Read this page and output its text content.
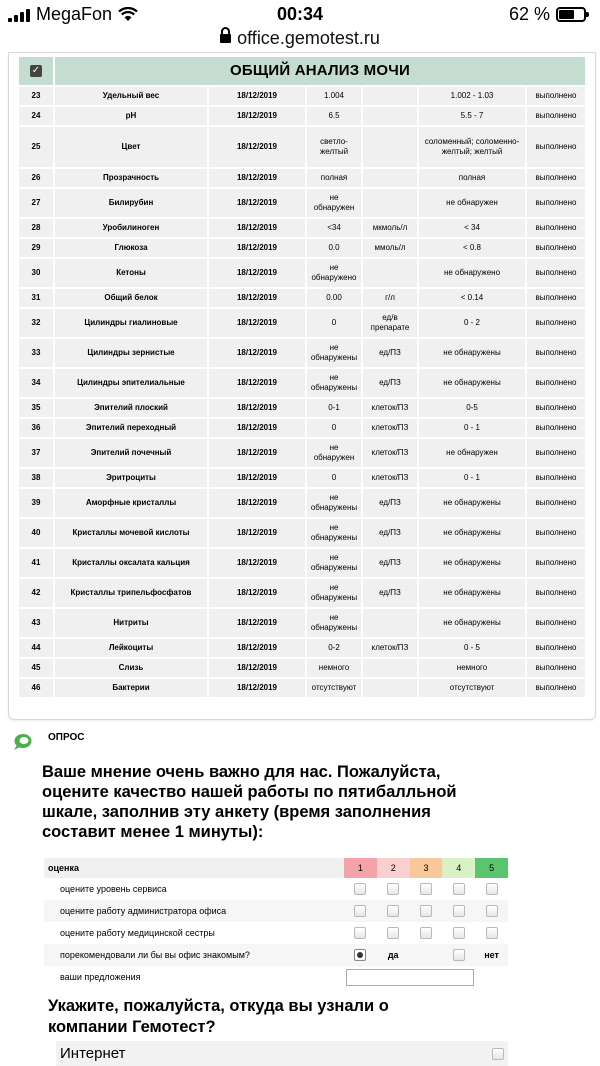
MegaFon	00:34	62 %
office.gemotest.ru
✓	ОБЩИЙ АНАЛИЗ МОЧИ					
23	Удельный вес	18/12/2019	1.004		1.002 - 1.03	выполнено
24	pH	18/12/2019	6.5		5.5 - 7	выполнено
25	Цвет	18/12/2019	светло-желтый		соломенный; соломенно-желтый; желтый	выполнено
26	Прозрачность	18/12/2019	полная		полная	выполнено
27	Билирубин	18/12/2019	не обнаружен		не обнаружен	выполнено
28	Уробилиноген	18/12/2019	<34	мкмоль/л	< 34	выполнено
29	Глюкоза	18/12/2019	0.0	ммоль/л	< 0.8	выполнено
30	Кетоны	18/12/2019	не обнаружено		не обнаружено	выполнено
31	Общий белок	18/12/2019	0.00	г/л	< 0.14	выполнено
32	Цилиндры гиалиновые	18/12/2019	0	ед/в препарате	0 - 2	выполнено
33	Цилиндры зернистые	18/12/2019	не обнаружены	ед/ПЗ	не обнаружены	выполнено
34	Цилиндры эпителиальные	18/12/2019	не обнаружены	ед/ПЗ	не обнаружены	выполнено
35	Эпителий плоский	18/12/2019	0-1	клеток/ПЗ	0-5	выполнено
36	Эпителий переходный	18/12/2019	0	клеток/ПЗ	0 - 1	выполнено
37	Эпителий почечный	18/12/2019	не обнаружен	клеток/ПЗ	не обнаружен	выполнено
38	Эритроциты	18/12/2019	0	клеток/ПЗ	0 - 1	выполнено
39	Аморфные кристаллы	18/12/2019	не обнаружены	ед/ПЗ	не обнаружены	выполнено
40	Кристаллы мочевой кислоты	18/12/2019	не обнаружены	ед/ПЗ	не обнаружены	выполнено
41	Кристаллы оксалата кальция	18/12/2019	не обнаружены	ед/ПЗ	не обнаружены	выполнено
42	Кристаллы трипельфосфатов	18/12/2019	не обнаружены	ед/ПЗ	не обнаружены	выполнено
43	Нитриты	18/12/2019	не обнаружены		не обнаружены	выполнено
44	Лейкоциты	18/12/2019	0-2	клеток/ПЗ	0 - 5	выполнено
45	Слизь	18/12/2019	немного		немного	выполнено
46	Бактерии	18/12/2019	отсутствуют		отсутствуют	выполнено
ОПРОС
Ваше мнение очень важно для нас. Пожалуйста, оцените качество нашей работы по пятибалльной шкале, заполнив эту анкету (время заполнения составит менее 1 минуты):
оценка	1	2	3	4	5
оцените уровень сервиса
оцените работу администратора офиса
оцените работу медицинской сестры
порекомендовали ли бы вы офис знакомым?	да	нет
ваши предложения
Укажите, пожалуйста, откуда вы узнали о компании Гемотест?
Интернет
